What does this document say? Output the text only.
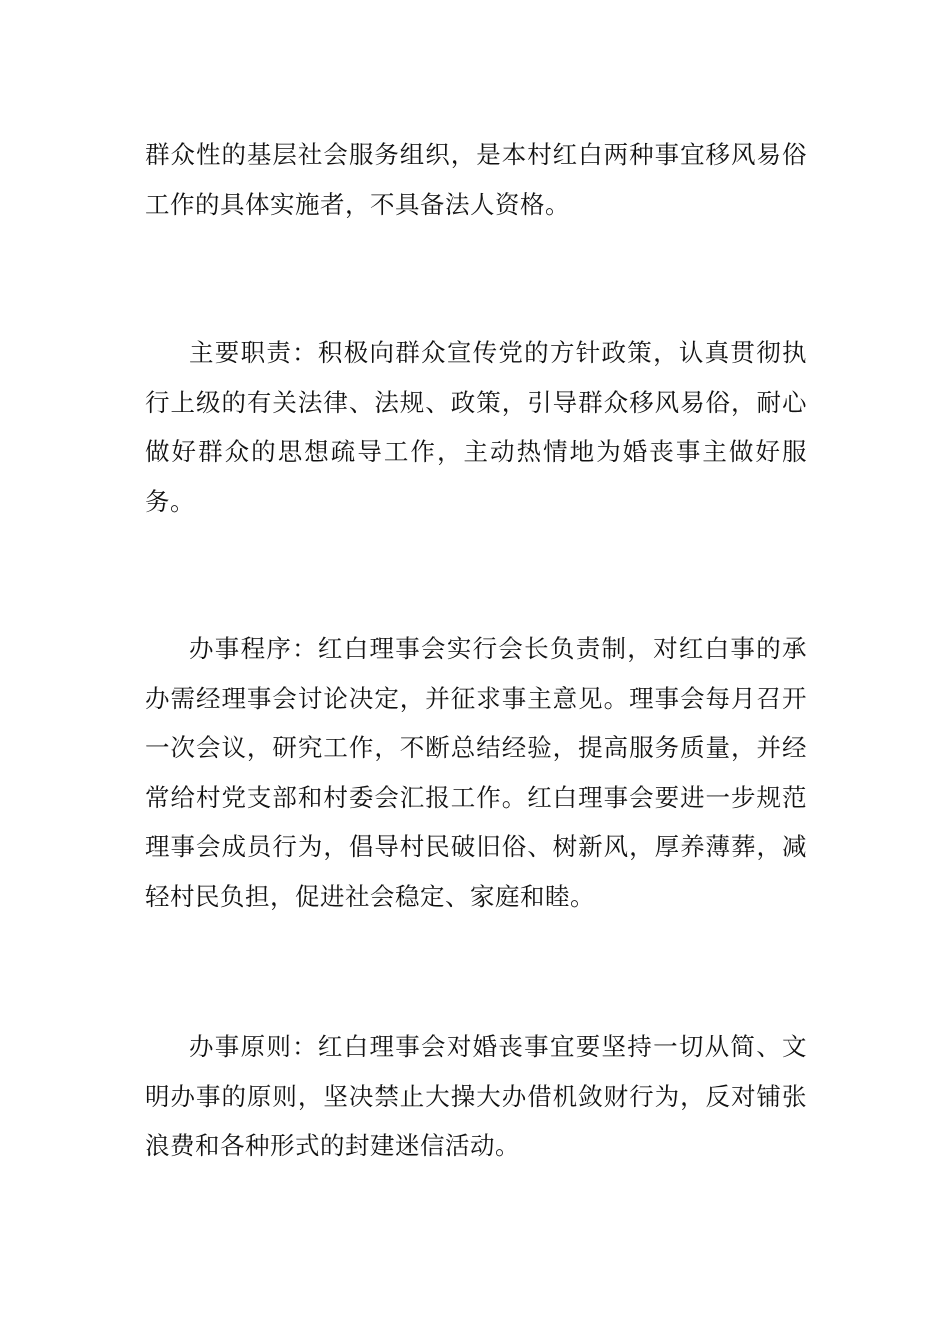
群众性的基层社会服务组织，是本村红白两种事宜移风易俗工作的具体实施者，不具备法人资格。

主要职责：积极向群众宣传党的方针政策，认真贯彻执行上级的有关法律、法规、政策，引导群众移风易俗，耐心做好群众的思想疏导工作，主动热情地为婚丧事主做好服务。

办事程序：红白理事会实行会长负责制，对红白事的承办需经理事会讨论决定，并征求事主意见。理事会每月召开一次会议，研究工作，不断总结经验，提高服务质量，并经常给村党支部和村委会汇报工作。红白理事会要进一步规范理事会成员行为，倡导村民破旧俗、树新风，厚养薄葬，减轻村民负担，促进社会稳定、家庭和睦。

办事原则：红白理事会对婚丧事宜要坚持一切从简、文明办事的原则，坚决禁止大操大办借机敛财行为，反对铺张浪费和各种形式的封建迷信活动。
